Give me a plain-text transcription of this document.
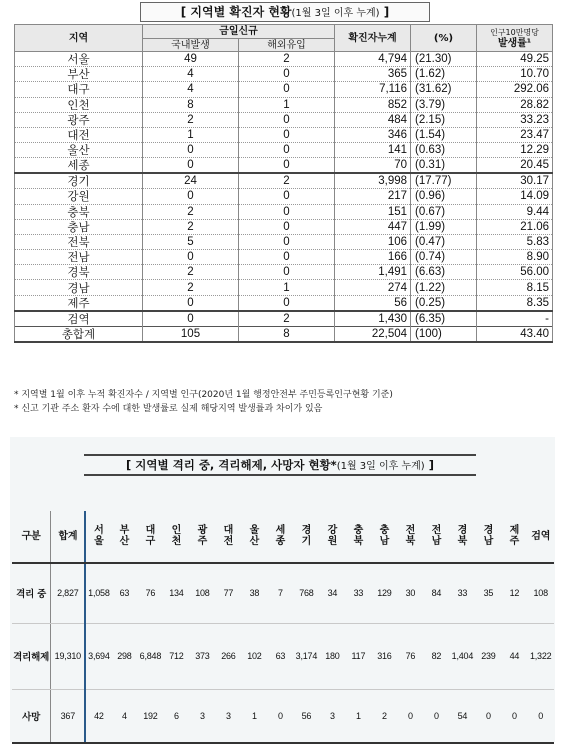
[ 지역별 확진자 현황(1월 3일 이후 누계) ]
지역	금일신규		확진자누계	(%)	인구10만명당
발생률¹

	국내발생	해외유입			
서울	49	2	4,794	(21.30)	49.25
부산	4	0	365	(1.62)	10.70
대구	4	0	7,116	(31.62)	292.06
인천	8	1	852	(3.79)	28.82
광주	2	0	484	(2.15)	33.23
대전	1	0	346	(1.54)	23.47
울산	0	0	141	(0.63)	12.29
세종	0	0	70	(0.31)	20.45
경기	24	2	3,998	(17.77)	30.17
강원	0	0	217	(0.96)	14.09
충북	2	0	151	(0.67)	9.44
충남	2	0	447	(1.99)	21.06
전북	5	0	106	(0.47)	5.83
전남	0	0	166	(0.74)	8.90
경북	2	0	1,491	(6.63)	56.00
경남	2	1	274	(1.22)	8.15
제주	0	0	56	(0.25)	8.35
검역	0	2	1,430	(6.35)	-
총합계	105	8	22,504	(100)	43.40
* 지역별 1월 이후 누적 확진자수 / 지역별 인구(2020년 1월 행정안전부 주민등록인구현황 기준)
* 신고 기관 주소 환자 수에 대한 발생률로 실제 해당지역 발생률과 차이가 있음
[ 지역별 격리 중, 격리해제, 사망자 현황*(1월 3일 이후 누계) ]
구분	합계	서울	부산	대구	인천	광주	대전	울산	세종	경기	강원	충북	충남	전북	전남	경북	경남	제주	검역
격리 중	2,827	1,058	63	76	134	108	77	38	7	768	34	33	129	30	84	33	35	12	108
격리해제	19,310	3,694	298	6,848	712	373	266	102	63	3,174	180	117	316	76	82	1,404	239	44	1,322
사망	367	42	4	192	6	3	3	1	0	56	3	1	2	0	0	54	0	0	0
